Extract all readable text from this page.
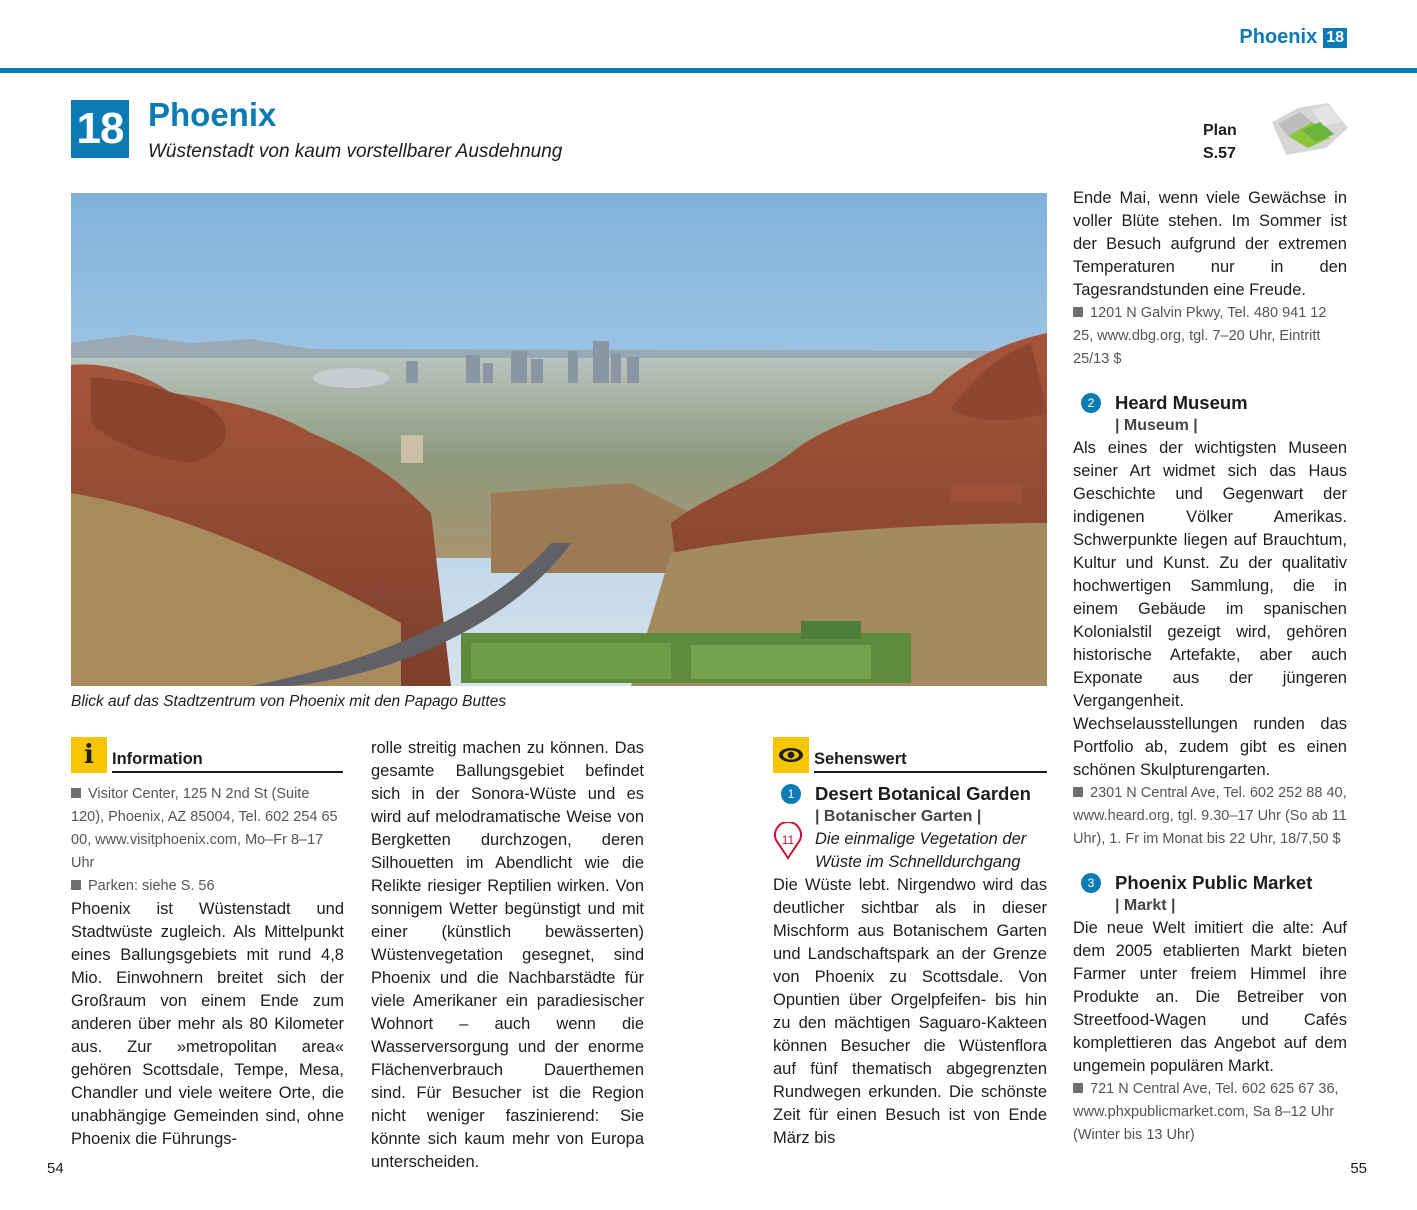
Phoenix 18
18 Phoenix
Wüstenstadt von kaum vorstellbarer Ausdehnung
Plan
S.57
Blick auf das Stadtzentrum von Phoenix mit den Papago Buttes
i Information
Visitor Center, 125 N 2nd St (Suite 120), Phoenix, AZ 85004, Tel. 602 254 65 00, www.visitphoenix.com, Mo–Fr 8–17 Uhr
Parken: siehe S. 56

Phoenix ist Wüstenstadt und Stadtwüste zugleich. Als Mittelpunkt eines Ballungsgebiets mit rund 4,8 Mio. Einwohnern breitet sich der Großraum von einem Ende zum anderen über mehr als 80 Kilometer aus. Zur »metropolitan area« gehören Scottsdale, Tempe, Mesa, Chandler und viele weitere Orte, die unabhängige Gemeinden sind, ohne Phoenix die Führungs-

rolle streitig machen zu können. Das gesamte Ballungsgebiet befindet sich in der Sonora-Wüste und es wird auf melodramatische Weise von Bergketten durchzogen, deren Silhouetten im Abendlicht wie die Relikte riesiger Reptilien wirken. Von sonnigem Wetter begünstigt und mit einer (künstlich bewässerten) Wüstenvegetation gesegnet, sind Phoenix und die Nachbarstädte für viele Amerikaner ein paradiesischer Wohnort – auch wenn die Wasserversorgung und der enorme Flächenverbrauch Dauerthemen sind. Für Besucher ist die Region nicht weniger faszinierend: Sie könnte sich kaum mehr von Europa unterscheiden.

Sehenswert
1	Desert Botanical Garden
| Botanischer Garten |
11	Die einmalige Vegetation der Wüste im Schnelldurchgang

Die Wüste lebt. Nirgendwo wird das deutlicher sichtbar als in dieser Mischform aus Botanischem Garten und Landschaftspark an der Grenze von Phoenix zu Scottsdale. Von Opuntien über Orgelpfeifen- bis hin zu den mächtigen Saguaro-Kakteen können Besucher die Wüstenflora auf fünf thematisch abgegrenzten Rundwegen erkunden. Die schönste Zeit für einen Besuch ist von Ende März bis

Ende Mai, wenn viele Gewächse in voller Blüte stehen. Im Sommer ist der Besuch aufgrund der extremen Temperaturen nur in den Tagesrandstunden eine Freude.

1201 N Galvin Pkwy, Tel. 480 941 12 25, www.dbg.org, tgl. 7–20 Uhr, Eintritt 25/13 $
2	Heard Museum
| Museum |

Als eines der wichtigsten Museen seiner Art widmet sich das Haus Geschichte und Gegenwart der indigenen Völker Amerikas. Schwerpunkte liegen auf Brauchtum, Kultur und Kunst. Zu der qualitativ hochwertigen Sammlung, die in einem Gebäude im spanischen Kolonialstil gezeigt wird, gehören historische Artefakte, aber auch Exponate aus der jüngeren Vergangenheit. Wechselausstellungen runden das Portfolio ab, zudem gibt es einen schönen Skulpturengarten.

2301 N Central Ave, Tel. 602 252 88 40, www.heard.org, tgl. 9.30–17 Uhr (So ab 11 Uhr), 1. Fr im Monat bis 22 Uhr, 18/7,50 $
3	Phoenix Public Market
| Markt |

Die neue Welt imitiert die alte: Auf dem 2005 etablierten Markt bieten Farmer unter freiem Himmel ihre Produkte an. Die Betreiber von Streetfood-Wagen und Cafés komplettieren das Angebot auf dem ungemein populären Markt.

721 N Central Ave, Tel. 602 625 67 36, www.phxpublicmarket.com, Sa 8–12 Uhr (Winter bis 13 Uhr)
54	55
